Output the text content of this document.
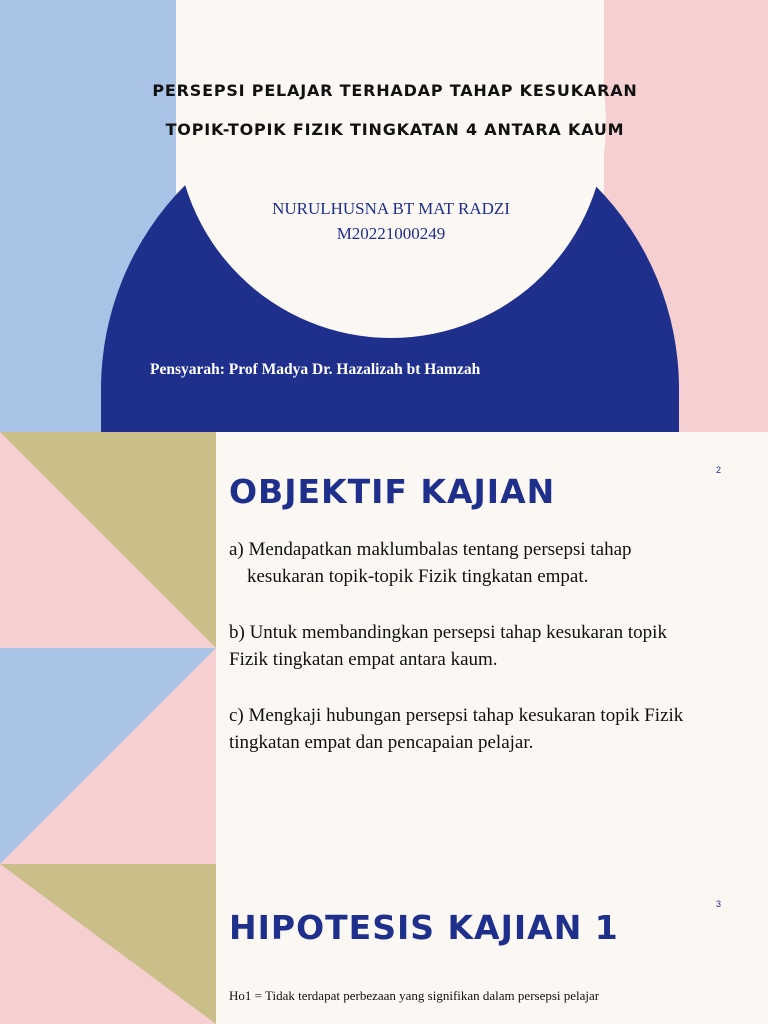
PERSEPSI PELAJAR TERHADAP TAHAP KESUKARAN
TOPIK-TOPIK FIZIK TINGKATAN 4 ANTARA KAUM
NURULHUSNA BT MAT RADZI
M20221000249
Pensyarah: Prof Madya Dr. Hazalizah bt Hamzah
2
OBJEKTIF KAJIAN
a) Mendapatkan maklumbalas tentang persepsi tahap
kesukaran topik-topik Fizik tingkatan empat.
b) Untuk membandingkan persepsi tahap kesukaran topik Fizik tingkatan empat antara kaum.
c) Mengkaji hubungan persepsi tahap kesukaran topik Fizik tingkatan empat dan pencapaian pelajar.
3
HIPOTESIS KAJIAN 1
Ho1 = Tidak terdapat perbezaan yang signifikan dalam persepsi pelajar
